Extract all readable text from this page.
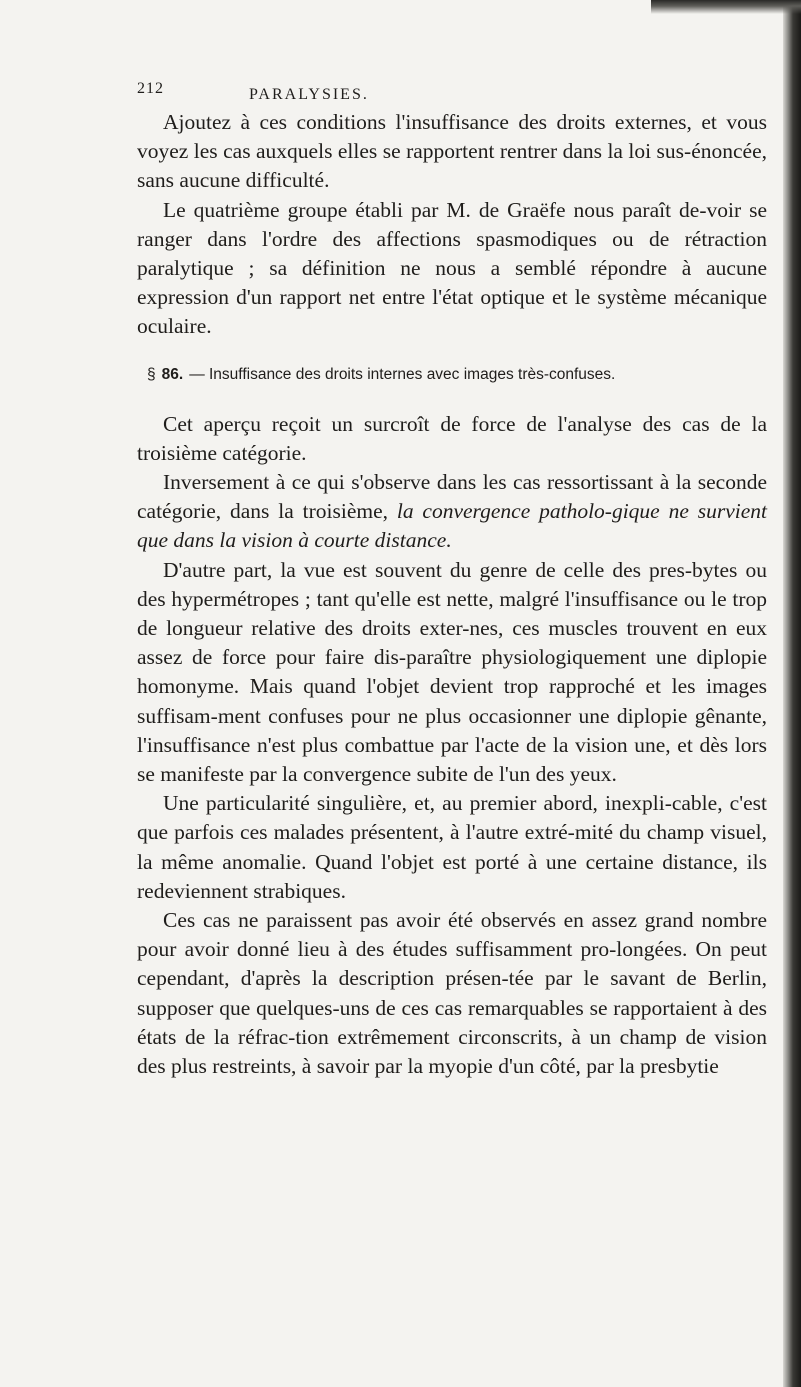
212	PARALYSIES.

Ajoutez à ces conditions l'insuffisance des droits externes, et vous voyez les cas auxquels elles se rapportent rentrer dans la loi sus-énoncée, sans aucune difficulté.

Le quatrième groupe établi par M. de Graëfe nous paraît de-voir se ranger dans l'ordre des affections spasmodiques ou de rétraction paralytique ; sa définition ne nous a semblé répondre à aucune expression d'un rapport net entre l'état optique et le système mécanique oculaire.

§ 86. — Insuffisance des droits internes avec images très-confuses.

Cet aperçu reçoit un surcroît de force de l'analyse des cas de la troisième catégorie.

Inversement à ce qui s'observe dans les cas ressortissant à la seconde catégorie, dans la troisième, la convergence patholo-gique ne survient que dans la vision à courte distance.

D'autre part, la vue est souvent du genre de celle des pres-bytes ou des hypermétropes ; tant qu'elle est nette, malgré l'insuffisance ou le trop de longueur relative des droits exter-nes, ces muscles trouvent en eux assez de force pour faire dis-paraître physiologiquement une diplopie homonyme. Mais quand l'objet devient trop rapproché et les images suffisam-ment confuses pour ne plus occasionner une diplopie gênante, l'insuffisance n'est plus combattue par l'acte de la vision une, et dès lors se manifeste par la convergence subite de l'un des yeux.

Une particularité singulière, et, au premier abord, inexpli-cable, c'est que parfois ces malades présentent, à l'autre extré-mité du champ visuel, la même anomalie. Quand l'objet est porté à une certaine distance, ils redeviennent strabiques.

Ces cas ne paraissent pas avoir été observés en assez grand nombre pour avoir donné lieu à des études suffisamment pro-longées. On peut cependant, d'après la description présen-tée par le savant de Berlin, supposer que quelques-uns de ces cas remarquables se rapportaient à des états de la réfrac-tion extrêmement circonscrits, à un champ de vision des plus restreints, à savoir par la myopie d'un côté, par la presbytie
